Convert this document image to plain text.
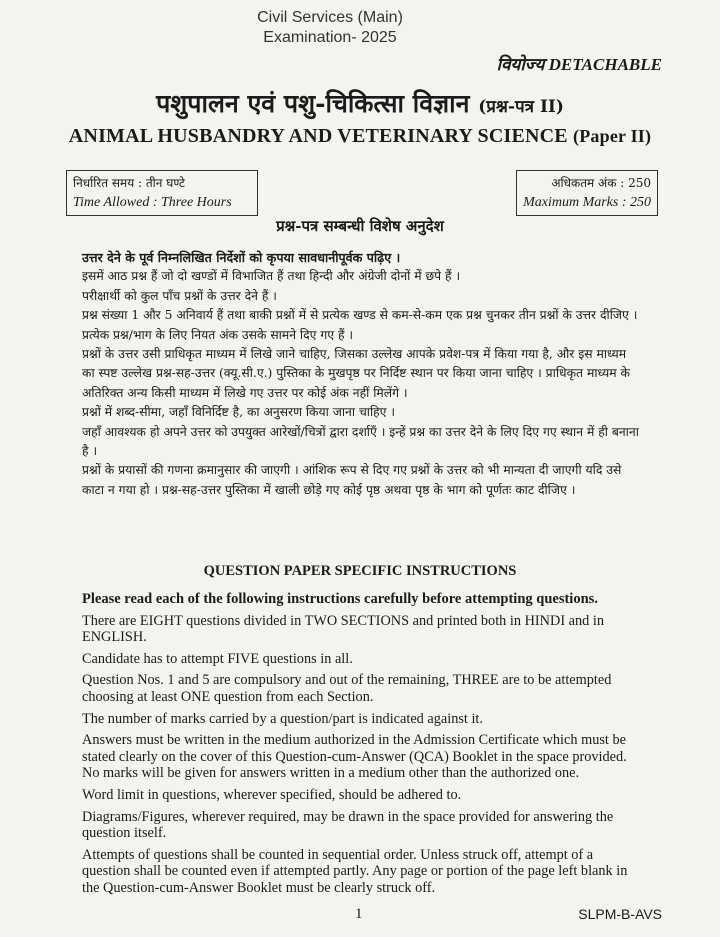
Civil Services (Main)
Examination- 2025
वियोज्य DETACHABLE
पशुपालन एवं पशु-चिकित्सा विज्ञान (प्रश्न-पत्र II)
ANIMAL HUSBANDRY AND VETERINARY SCIENCE (Paper II)
निर्धारित समय : तीन घण्टे
Time Allowed : Three Hours
अधिकतम अंक : 250
Maximum Marks : 250
प्रश्न-पत्र सम्बन्धी विशेष अनुदेश

उत्तर देने के पूर्व निम्नलिखित निर्देशों को कृपया सावधानीपूर्वक पढ़िए ।

इसमें आठ प्रश्न हैं जो दो खण्डों में विभाजित हैं तथा हिन्दी और अंग्रेजी दोनों में छपे हैं ।

परीक्षार्थी को कुल पाँच प्रश्नों के उत्तर देने हैं ।

प्रश्न संख्या 1 और 5 अनिवार्य हैं तथा बाकी प्रश्नों में से प्रत्येक खण्ड से कम-से-कम एक प्रश्न चुनकर तीन प्रश्नों के उत्तर दीजिए ।

प्रत्येक प्रश्न/भाग के लिए नियत अंक उसके सामने दिए गए हैं ।

प्रश्नों के उत्तर उसी प्राधिकृत माध्यम में लिखे जाने चाहिए, जिसका उल्लेख आपके प्रवेश-पत्र में किया गया है, और इस माध्यम का स्पष्ट उल्लेख प्रश्न-सह-उत्तर (क्यू.सी.ए.) पुस्तिका के मुखपृष्ठ पर निर्दिष्ट स्थान पर किया जाना चाहिए । प्राधिकृत माध्यम के अतिरिक्त अन्य किसी माध्यम में लिखे गए उत्तर पर कोई अंक नहीं मिलेंगे ।

प्रश्नों में शब्द-सीमा, जहाँ विनिर्दिष्ट है, का अनुसरण किया जाना चाहिए ।

जहाँ आवश्यक हो अपने उत्तर को उपयुक्त आरेखों/चित्रों द्वारा दर्शाएँ । इन्हें प्रश्न का उत्तर देने के लिए दिए गए स्थान में ही बनाना है ।

प्रश्नों के प्रयासों की गणना क्रमानुसार की जाएगी । आंशिक रूप से दिए गए प्रश्नों के उत्तर को भी मान्यता दी जाएगी यदि उसे काटा न गया हो । प्रश्न-सह-उत्तर पुस्तिका में खाली छोड़े गए कोई पृष्ठ अथवा पृष्ठ के भाग को पूर्णतः काट दीजिए ।

QUESTION PAPER SPECIFIC INSTRUCTIONS

Please read each of the following instructions carefully before attempting questions.

There are EIGHT questions divided in TWO SECTIONS and printed both in HINDI and in ENGLISH.

Candidate has to attempt FIVE questions in all.

Question Nos. 1 and 5 are compulsory and out of the remaining, THREE are to be attempted choosing at least ONE question from each Section.

The number of marks carried by a question/part is indicated against it.

Answers must be written in the medium authorized in the Admission Certificate which must be stated clearly on the cover of this Question-cum-Answer (QCA) Booklet in the space provided. No marks will be given for answers written in a medium other than the authorized one.

Word limit in questions, wherever specified, should be adhered to.

Diagrams/Figures, wherever required, may be drawn in the space provided for answering the question itself.

Attempts of questions shall be counted in sequential order. Unless struck off, attempt of a question shall be counted even if attempted partly. Any page or portion of the page left blank in the Question-cum-Answer Booklet must be clearly struck off.

1	SLPM-B-AVS
